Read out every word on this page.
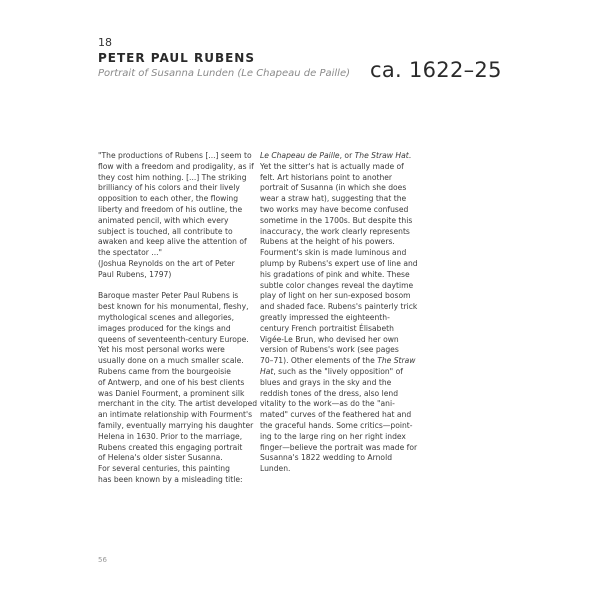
18
PETER PAUL RUBENS
Portrait of Susanna Lunden (Le Chapeau de Paille) ca. 1622–25
"The productions of Rubens [...] seem to
flow with a freedom and prodigality, as if
they cost him nothing. [...] The striking
brilliancy of his colors and their lively
opposition to each other, the flowing
liberty and freedom of his outline, the
animated pencil, with which every
subject is touched, all contribute to
awaken and keep alive the attention of
the spectator ..."
(Joshua Reynolds on the art of Peter
Paul Rubens, 1797)
Baroque master Peter Paul Rubens is
best known for his monumental, fleshy,
mythological scenes and allegories,
images produced for the kings and
queens of seventeenth-century Europe.
Yet his most personal works were
usually done on a much smaller scale.
Rubens came from the bourgeoisie
of Antwerp, and one of his best clients
was Daniel Fourment, a prominent silk
merchant in the city. The artist developed
an intimate relationship with Fourment's
family, eventually marrying his daughter
Helena in 1630. Prior to the marriage,
Rubens created this engaging portrait
of Helena's older sister Susanna.
For several centuries, this painting
has been known by a misleading title:
Le Chapeau de Paille, or The Straw Hat.
Yet the sitter's hat is actually made of
felt. Art historians point to another
portrait of Susanna (in which she does
wear a straw hat), suggesting that the
two works may have become confused
sometime in the 1700s. But despite this
inaccuracy, the work clearly represents
Rubens at the height of his powers.
Fourment's skin is made luminous and
plump by Rubens's expert use of line and
his gradations of pink and white. These
subtle color changes reveal the daytime
play of light on her sun-exposed bosom
and shaded face. Rubens's painterly trick
greatly impressed the eighteenth-
century French portraitist Élisabeth
Vigée-Le Brun, who devised her own
version of Rubens's work (see pages
70–71). Other elements of the The Straw
Hat, such as the "lively opposition" of
blues and grays in the sky and the
reddish tones of the dress, also lend
vitality to the work—as do the "ani-
mated" curves of the feathered hat and
the graceful hands. Some critics—point-
ing to the large ring on her right index
finger—believe the portrait was made for
Susanna's 1822 wedding to Arnold
Lunden.
56
